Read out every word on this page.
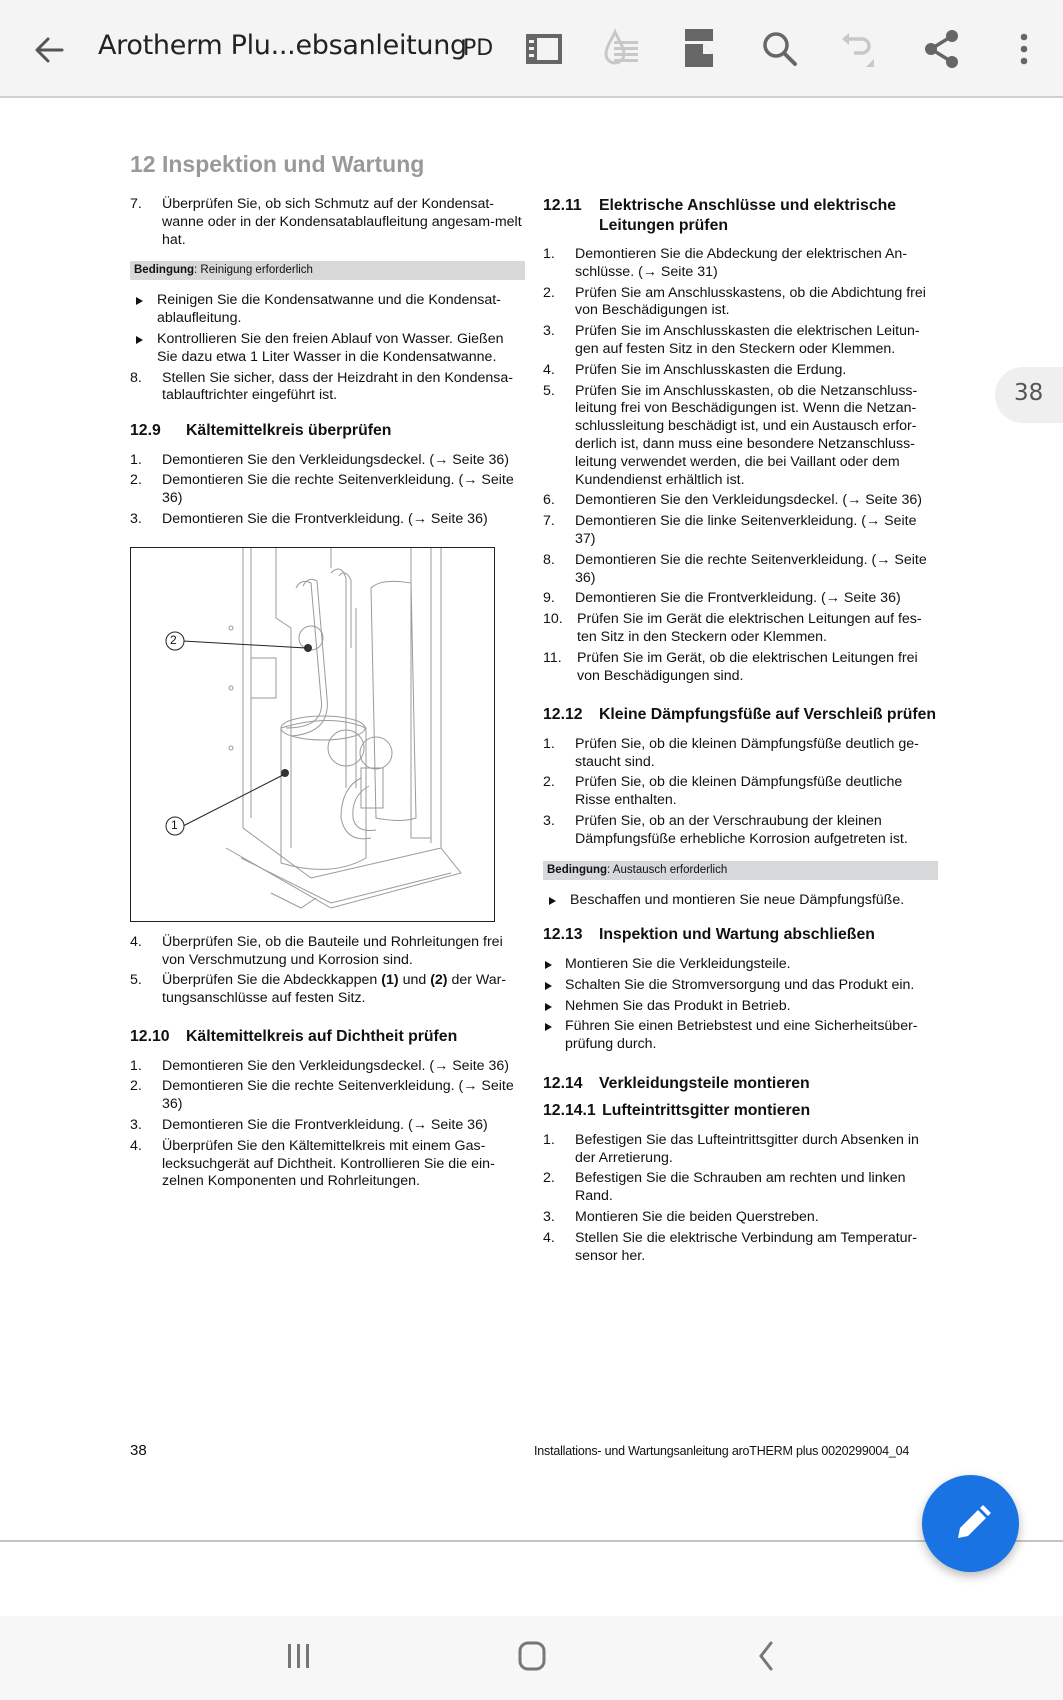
Arotherm Plu...ebsanleitung
PD
12 Inspektion und Wartung
7. Überprüfen Sie, ob sich Schmutz auf der Kondensat-wanne oder in der Kondensatablaufleitung angesam-melt hat.
Bedingung: Reinigung erforderlich
Reinigen Sie die Kondensatwanne und die Kondensat-ablaufleitung.
Kontrollieren Sie den freien Ablauf von Wasser. Gießen Sie dazu etwa 1 Liter Wasser in die Kondensatwanne.
8. Stellen Sie sicher, dass der Heizdraht in den Kondensa-tablauftrichter eingeführt ist.
12.9 Kältemittelkreis überprüfen
1. Demontieren Sie den Verkleidungsdeckel. (→ Seite 36)
2. Demontieren Sie die rechte Seitenverkleidung. (→ Seite 36)
3. Demontieren Sie die Frontverkleidung. (→ Seite 36)
2
1
4. Überprüfen Sie, ob die Bauteile und Rohrleitungen frei von Verschmutzung und Korrosion sind.
5. Überprüfen Sie die Abdeckkappen (1) und (2) der War-tungsanschlüsse auf festen Sitz.
12.10 Kältemittelkreis auf Dichtheit prüfen
1. Demontieren Sie den Verkleidungsdeckel. (→ Seite 36)
2. Demontieren Sie die rechte Seitenverkleidung. (→ Seite 36)
3. Demontieren Sie die Frontverkleidung. (→ Seite 36)
4. Überprüfen Sie den Kältemittelkreis mit einem Gas-lecksuchgerät auf Dichtheit. Kontrollieren Sie die ein-zelnen Komponenten und Rohrleitungen.
12.11 Elektrische Anschlüsse und elektrische Leitungen prüfen
1. Demontieren Sie die Abdeckung der elektrischen An-schlüsse. (→ Seite 31)
2. Prüfen Sie am Anschlusskastens, ob die Abdichtung frei von Beschädigungen ist.
3. Prüfen Sie im Anschlusskasten die elektrischen Leitun-gen auf festen Sitz in den Steckern oder Klemmen.
4. Prüfen Sie im Anschlusskasten die Erdung.
5. Prüfen Sie im Anschlusskasten, ob die Netzanschluss-leitung frei von Beschädigungen ist. Wenn die Netzan-schlussleitung beschädigt ist, und ein Austausch erfor-derlich ist, dann muss eine besondere Netzanschluss-leitung verwendet werden, die bei Vaillant oder dem Kundendienst erhältlich ist.
6. Demontieren Sie den Verkleidungsdeckel. (→ Seite 36)
7. Demontieren Sie die linke Seitenverkleidung. (→ Seite 37)
8. Demontieren Sie die rechte Seitenverkleidung. (→ Seite 36)
9. Demontieren Sie die Frontverkleidung. (→ Seite 36)
10. Prüfen Sie im Gerät die elektrischen Leitungen auf fes-ten Sitz in den Steckern oder Klemmen.
11. Prüfen Sie im Gerät, ob die elektrischen Leitungen frei von Beschädigungen sind.
12.12 Kleine Dämpfungsfüße auf Verschleiß prüfen
1. Prüfen Sie, ob die kleinen Dämpfungsfüße deutlich ge-staucht sind.
2. Prüfen Sie, ob die kleinen Dämpfungsfüße deutliche Risse enthalten.
3. Prüfen Sie, ob an der Verschraubung der kleinen Dämpfungsfüße erhebliche Korrosion aufgetreten ist.
Bedingung: Austausch erforderlich
Beschaffen und montieren Sie neue Dämpfungsfüße.
12.13 Inspektion und Wartung abschließen
Montieren Sie die Verkleidungsteile.
Schalten Sie die Stromversorgung und das Produkt ein.
Nehmen Sie das Produkt in Betrieb.
Führen Sie einen Betriebstest und eine Sicherheitsüber-prüfung durch.
12.14 Verkleidungsteile montieren
12.14.1 Lufteintrittsgitter montieren
1. Befestigen Sie das Lufteintrittsgitter durch Absenken in der Arretierung.
2. Befestigen Sie die Schrauben am rechten und linken Rand.
3. Montieren Sie die beiden Querstreben.
4. Stellen Sie die elektrische Verbindung am Temperatur-sensor her.
38	Installations- und Wartungsanleitung aroTHERM plus 0020299004_04
38
